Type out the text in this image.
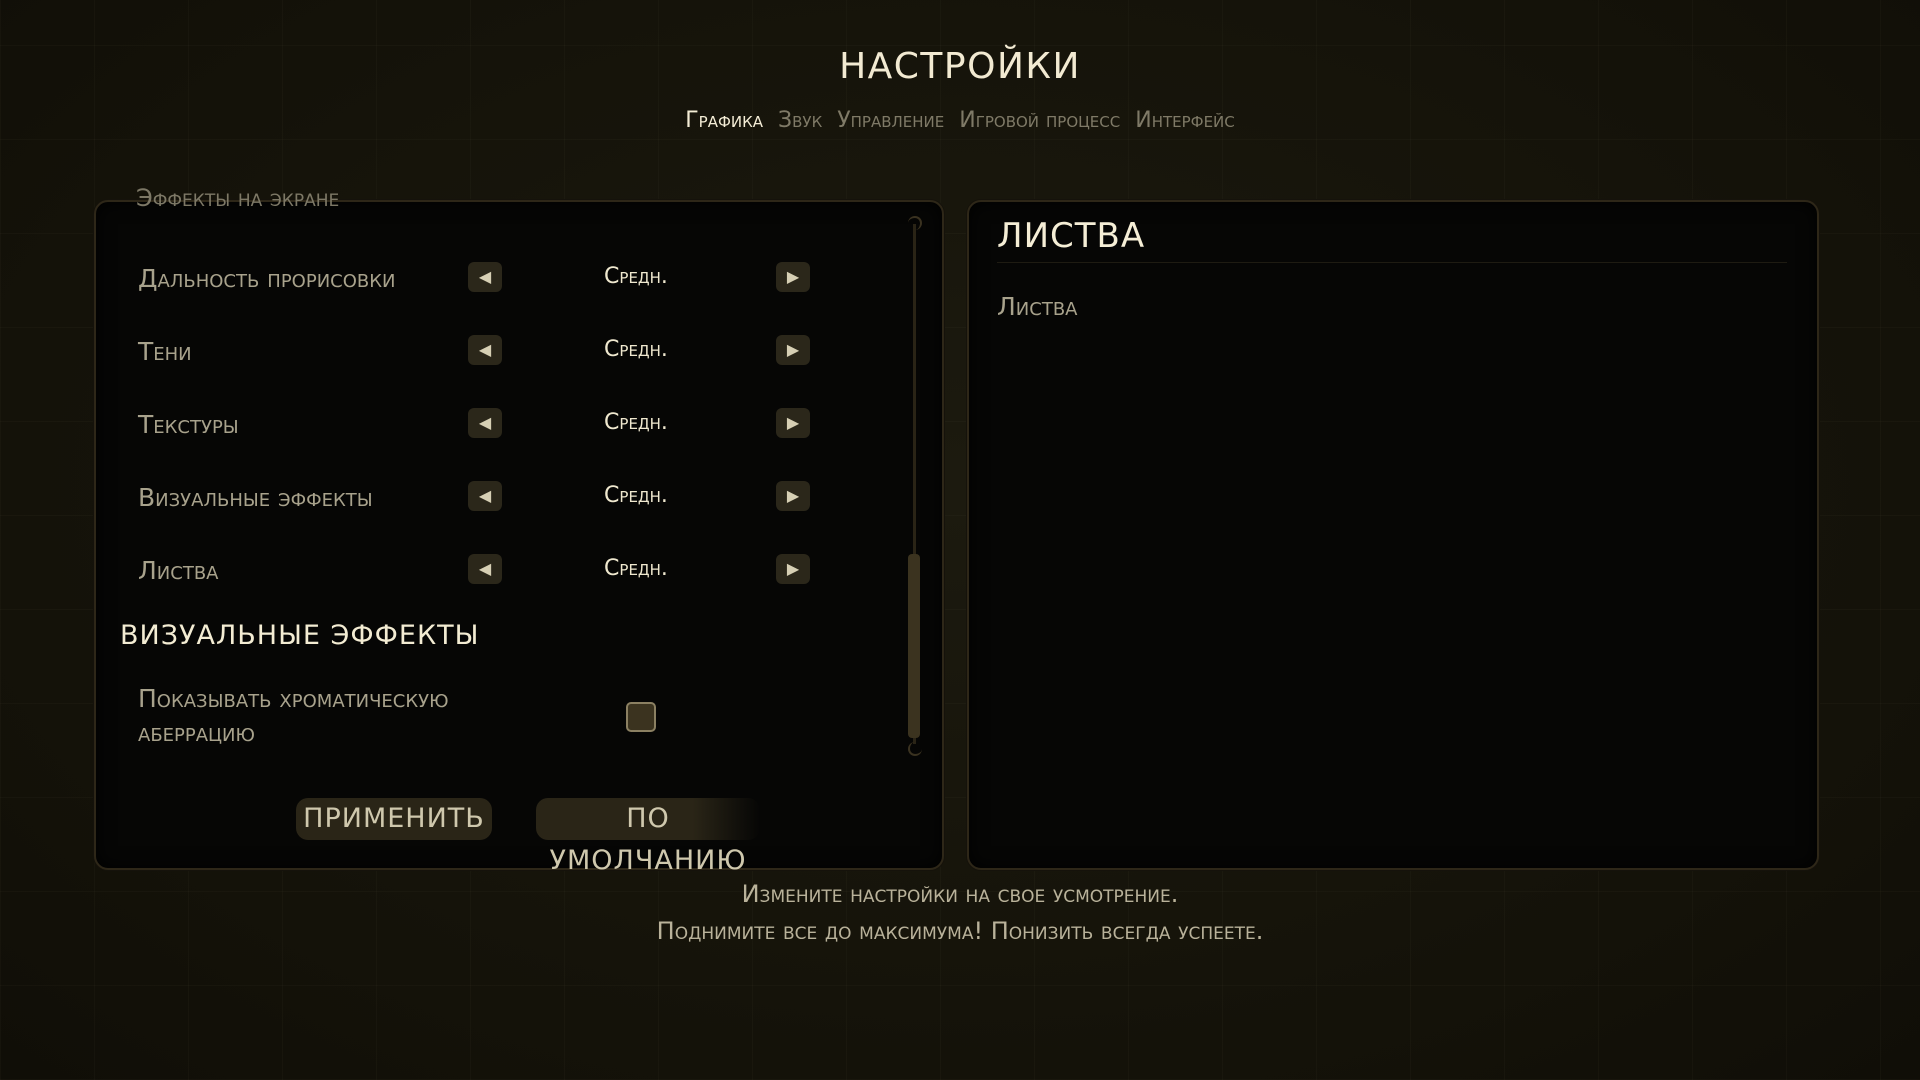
НАСТРОЙКИ
Графика Звук Управление Игровой процесс Интерфейс
Эффекты на экране
Дальность прорисовки	◀	Средн.	▶
Тени	◀	Средн.	▶
Текстуры	◀	Средн.	▶
Визуальные эффекты	◀	Средн.	▶
Листва	◀	Средн.	▶
ВИЗУАЛЬНЫЕ ЭФФЕКТЫ
Показывать хроматическую аберрацию
ПРИМЕНИТЬ	ПО УМОЛЧАНИЮ
ЛИСТВА
Листва
Измените настройки на свое усмотрение.
Поднимите все до максимума! Понизить всегда успеете.
